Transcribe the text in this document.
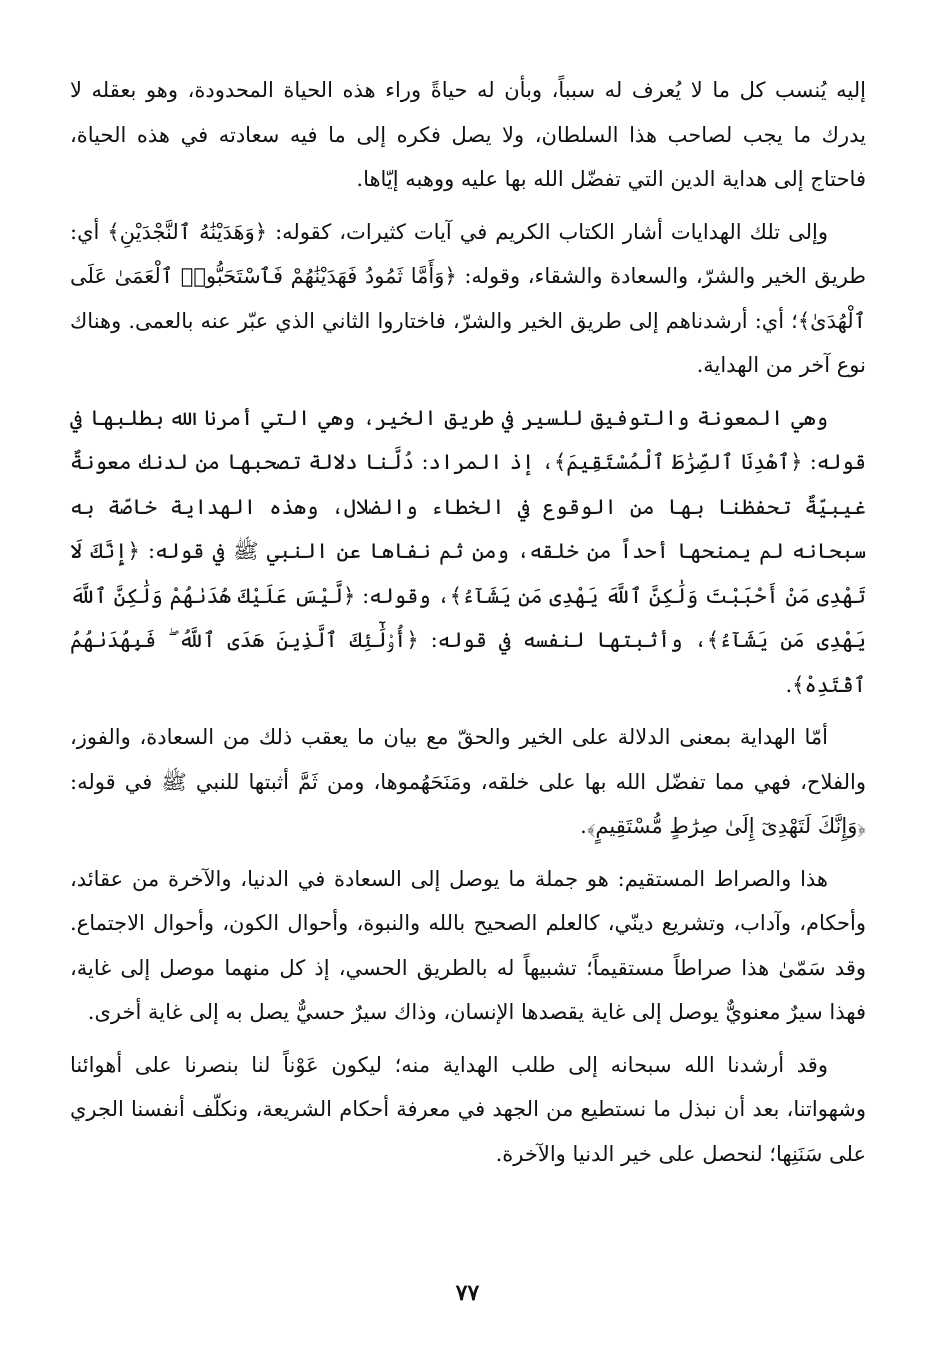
إليه يُنسب كل ما لا يُعرف له سبباً، وبأن له حياةً وراء هذه الحياة المحدودة، وهو بعقله لا يدرك ما يجب لصاحب هذا السلطان، ولا يصل فكره إلى ما فيه سعادته في هذه الحياة، فاحتاج إلى هداية الدين التي تفضّل الله بها عليه ووهبه إيّاها.

وإلى تلك الهدايات أشار الكتاب الكريم في آيات كثيرات، كقوله: ﴿وَهَدَيْنَٰهُ ٱلنَّجْدَيْنِ﴾ أي: طريق الخير والشرّ، والسعادة والشقاء، وقوله: ﴿وَأَمَّا ثَمُودُ فَهَدَيْنَٰهُمْ فَٱسْتَحَبُّوا۟ ٱلْعَمَىٰ عَلَى ٱلْهُدَىٰ﴾؛ أي: أرشدناهم إلى طريق الخير والشرّ، فاختاروا الثاني الذي عبّر عنه بالعمى. وهناك نوع آخر من الهداية.

وهي المعونة والتوفيق للسير في طريق الخير، وهي التي أمرنا الله بطلبها في قوله: ﴿ٱهْدِنَا ٱلصِّرَٰطَ ٱلْمُسْتَقِيمَ﴾، إذ المراد: دُلَّنا دلالة تصحبها من لدنك معونةٌ غيبيّةٌ تحفظنا بها من الوقوع في الخطاء والضلال، وهذه الهداية خاصّة به سبحانه لم يمنحها أحداً من خلقه، ومن ثم نفاها عن النبي ﷺ في قوله: ﴿إِنَّكَ لَا تَهْدِى مَنْ أَحْبَبْتَ وَلَٰكِنَّ ٱللَّهَ يَهْدِى مَن يَشَآءُ﴾، وقوله: ﴿لَّيْسَ عَلَيْكَ هُدَىٰهُمْ وَلَٰكِنَّ ٱللَّهَ يَهْدِى مَن يَشَآءُ﴾، وأثبتها لنفسه في قوله: ﴿أُو۟لَٰٓئِكَ ٱلَّذِينَ هَدَى ٱللَّهُ ۖ فَبِهُدَىٰهُمُ ٱقْتَدِهْ﴾.

أمّا الهداية بمعنى الدلالة على الخير والحقّ مع بيان ما يعقب ذلك من السعادة، والفوز، والفلاح، فهي مما تفضّل الله بها على خلقه، ومَنَحَهُموها، ومن ثَمَّ أثبتها للنبي ﷺ في قوله: ﴿وَإِنَّكَ لَتَهْدِىٓ إِلَىٰ صِرَٰطٍ مُّسْتَقِيمٍ﴾.

هذا والصراط المستقيم: هو جملة ما يوصل إلى السعادة في الدنيا، والآخرة من عقائد، وأحكام، وآداب، وتشريع دينّي، كالعلم الصحيح بالله والنبوة، وأحوال الكون، وأحوال الاجتماع. وقد سَمّىٰ هذا صراطاً مستقيماً؛ تشبيهاً له بالطريق الحسي، إذ كل منهما موصل إلى غاية، فهذا سيرٌ معنويٌّ يوصل إلى غاية يقصدها الإنسان، وذاك سيرٌ حسيٌّ يصل به إلى غاية أخرى.

وقد أرشدنا الله سبحانه إلى طلب الهداية منه؛ ليكون عَوْناً لنا بنصرنا على أهوائنا وشهواتنا، بعد أن نبذل ما نستطيع من الجهد في معرفة أحكام الشريعة، ونكلّف أنفسنا الجري على سَنَنِها؛ لنحصل على خير الدنيا والآخرة.

٧٧
